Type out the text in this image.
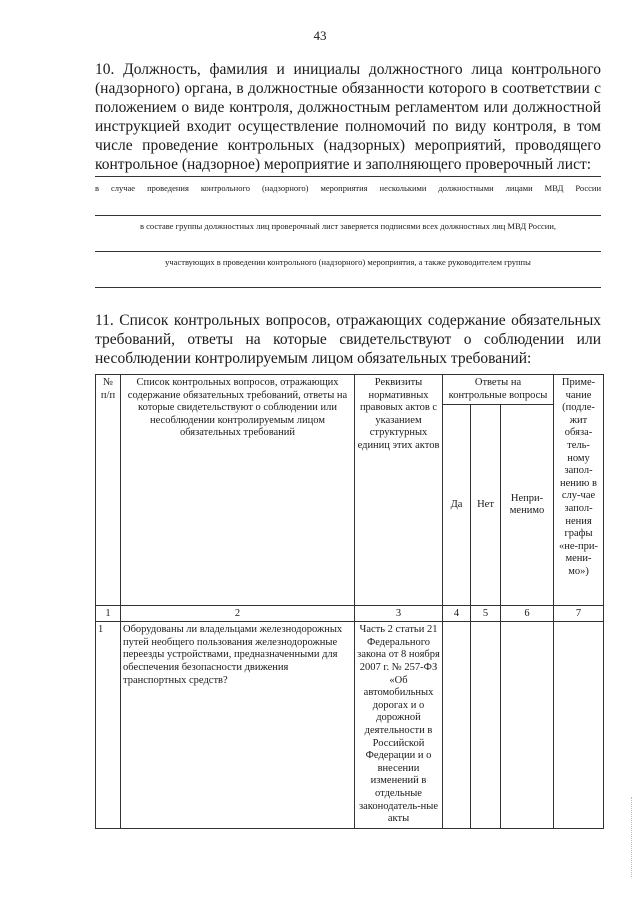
43
10. Должность, фамилия и инициалы должностного лица контрольного (надзорного) органа, в должностные обязанности которого в соответствии с положением о виде контроля, должностным регламентом или должностной инструкцией входит осуществление полномочий по виду контроля, в том числе проведение контрольных (надзорных) мероприятий, проводящего контрольное (надзорное) мероприятие и заполняющего проверочный лист:
в случае проведения контрольного (надзорного) мероприятия несколькими должностными лицами МВД России
в составе группы должностных лиц проверочный лист заверяется подписями всех должностных лиц МВД России,
участвующих в проведении контрольного (надзорного) мероприятия, а также руководителем группы
11. Список контрольных вопросов, отражающих содержание обязательных требований, ответы на которые свидетельствуют о соблюдении или несоблюдении контролируемым лицом обязательных требований:
№ п/п	Список контрольных вопросов, отражающих содержание обязательных требований, ответы на которые свидетельствуют о соблюдении или несоблюдении контролируемым лицом обязательных требований	Реквизиты нормативных правовых актов с указанием структурных единиц этих актов	Ответы на контрольные вопросы			Приме-чание (подле-жит обяза-тель-ному запол-нению в слу-чае запол-нения графы «не-при-мени-мо»)
			Да	Нет	Непри-менимо	
1	2	3	4	5	6	7
1	Оборудованы ли владельцами железнодорожных путей необщего пользования железнодорожные переезды устройствами, предназначенными для обеспечения безопасности движения транспортных средств?	Часть 2 статьи 21 Федерального закона от 8 ноября 2007 г. № 257-ФЗ «Об автомобильных дорогах и о дорожной деятельности в Российской Федерации и о внесении изменений в отдельные законодатель-ные акты				
